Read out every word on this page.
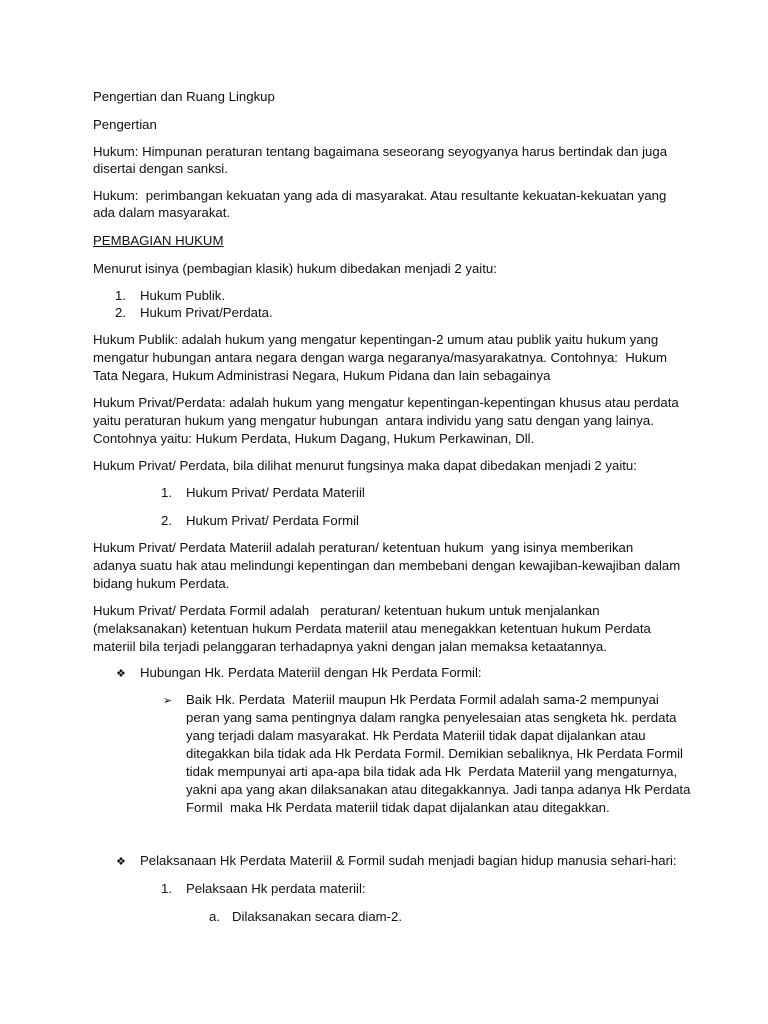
Pengertian dan Ruang Lingkup
Pengertian
Hukum: Himpunan peraturan tentang bagaimana seseorang seyogyanya harus bertindak dan juga
disertai dengan sanksi.
Hukum:  perimbangan kekuatan yang ada di masyarakat. Atau resultante kekuatan-kekuatan yang
ada dalam masyarakat.
PEMBAGIAN HUKUM
Menurut isinya (pembagian klasik) hukum dibedakan menjadi 2 yaitu:
1. Hukum Publik.
2. Hukum Privat/Perdata.
Hukum Publik: adalah hukum yang mengatur kepentingan-2 umum atau publik yaitu hukum yang
mengatur hubungan antara negara dengan warga negaranya/masyarakatnya. Contohnya:  Hukum
Tata Negara, Hukum Administrasi Negara, Hukum Pidana dan lain sebagainya
Hukum Privat/Perdata: adalah hukum yang mengatur kepentingan-kepentingan khusus atau perdata
yaitu peraturan hukum yang mengatur hubungan  antara individu yang satu dengan yang lainya.
Contohnya yaitu: Hukum Perdata, Hukum Dagang, Hukum Perkawinan, Dll.
Hukum Privat/ Perdata, bila dilihat menurut fungsinya maka dapat dibedakan menjadi 2 yaitu:
1. Hukum Privat/ Perdata Materiil
2. Hukum Privat/ Perdata Formil
Hukum Privat/ Perdata Materiil adalah peraturan/ ketentuan hukum  yang isinya memberikan
adanya suatu hak atau melindungi kepentingan dan membebani dengan kewajiban-kewajiban dalam
bidang hukum Perdata.
Hukum Privat/ Perdata Formil adalah   peraturan/ ketentuan hukum untuk menjalankan
(melaksanakan) ketentuan hukum Perdata materiil atau menegakkan ketentuan hukum Perdata
materiil bila terjadi pelanggaran terhadapnya yakni dengan jalan memaksa ketaatannya.
❖ Hubungan Hk. Perdata Materiil dengan Hk Perdata Formil:
➢ Baik Hk. Perdata  Materiil maupun Hk Perdata Formil adalah sama-2 mempunyai
peran yang sama pentingnya dalam rangka penyelesaian atas sengketa hk. perdata
yang terjadi dalam masyarakat. Hk Perdata Materiil tidak dapat dijalankan atau
ditegakkan bila tidak ada Hk Perdata Formil. Demikian sebaliknya, Hk Perdata Formil
tidak mempunyai arti apa-apa bila tidak ada Hk  Perdata Materiil yang mengaturnya,
yakni apa yang akan dilaksanakan atau ditegakkannya. Jadi tanpa adanya Hk Perdata
Formil  maka Hk Perdata materiil tidak dapat dijalankan atau ditegakkan.
❖ Pelaksanaan Hk Perdata Materiil & Formil sudah menjadi bagian hidup manusia sehari-hari:
1. Pelaksaan Hk perdata materiil:
a. Dilaksanakan secara diam-2.
